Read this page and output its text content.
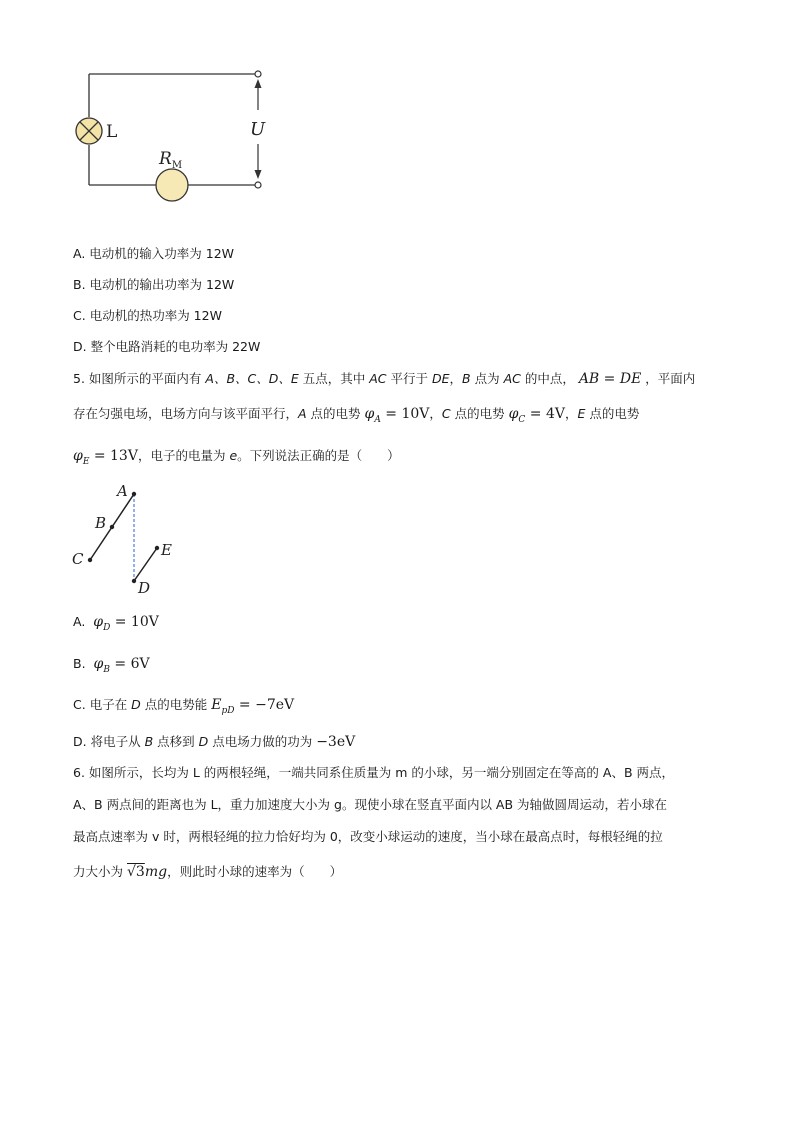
L
$R_M$
U
A. 电动机的输入功率为 12W
B. 电动机的输出功率为 12W
C. 电动机的热功率为 12W
D. 整个电路消耗的电功率为 22W
5. 如图所示的平面内有 A、B、C、D、E 五点，其中 AC 平行于 DE，B 点为 AC 的中点， AB = DE ，平面内
存在匀强电场，电场方向与该平面平行，A 点的电势 $\varphi_A = 10V$，C 点的电势 $\varphi_C = 4V$，E 点的电势
$\varphi_E = 13V$，电子的电量为 e。下列说法正确的是（　　）
A
B
C
D
E
A. $\varphi_D = 10V$
B. $\varphi_B = 6V$
C. 电子在 D 点的电势能 $E_{pD} = -7eV$
D. 将电子从 B 点移到 D 点电场力做的功为 −3eV
6. 如图所示，长均为 L 的两根轻绳，一端共同系住质量为 m 的小球，另一端分别固定在等高的 A、B 两点，
A、B 两点间的距离也为 L，重力加速度大小为 g。现使小球在竖直平面内以 AB 为轴做圆周运动，若小球在
最高点速率为 v 时，两根轻绳的拉力恰好均为 0，改变小球运动的速度，当小球在最高点时，每根轻绳的拉
力大小为 √3mg，则此时小球的速率为（　　）
